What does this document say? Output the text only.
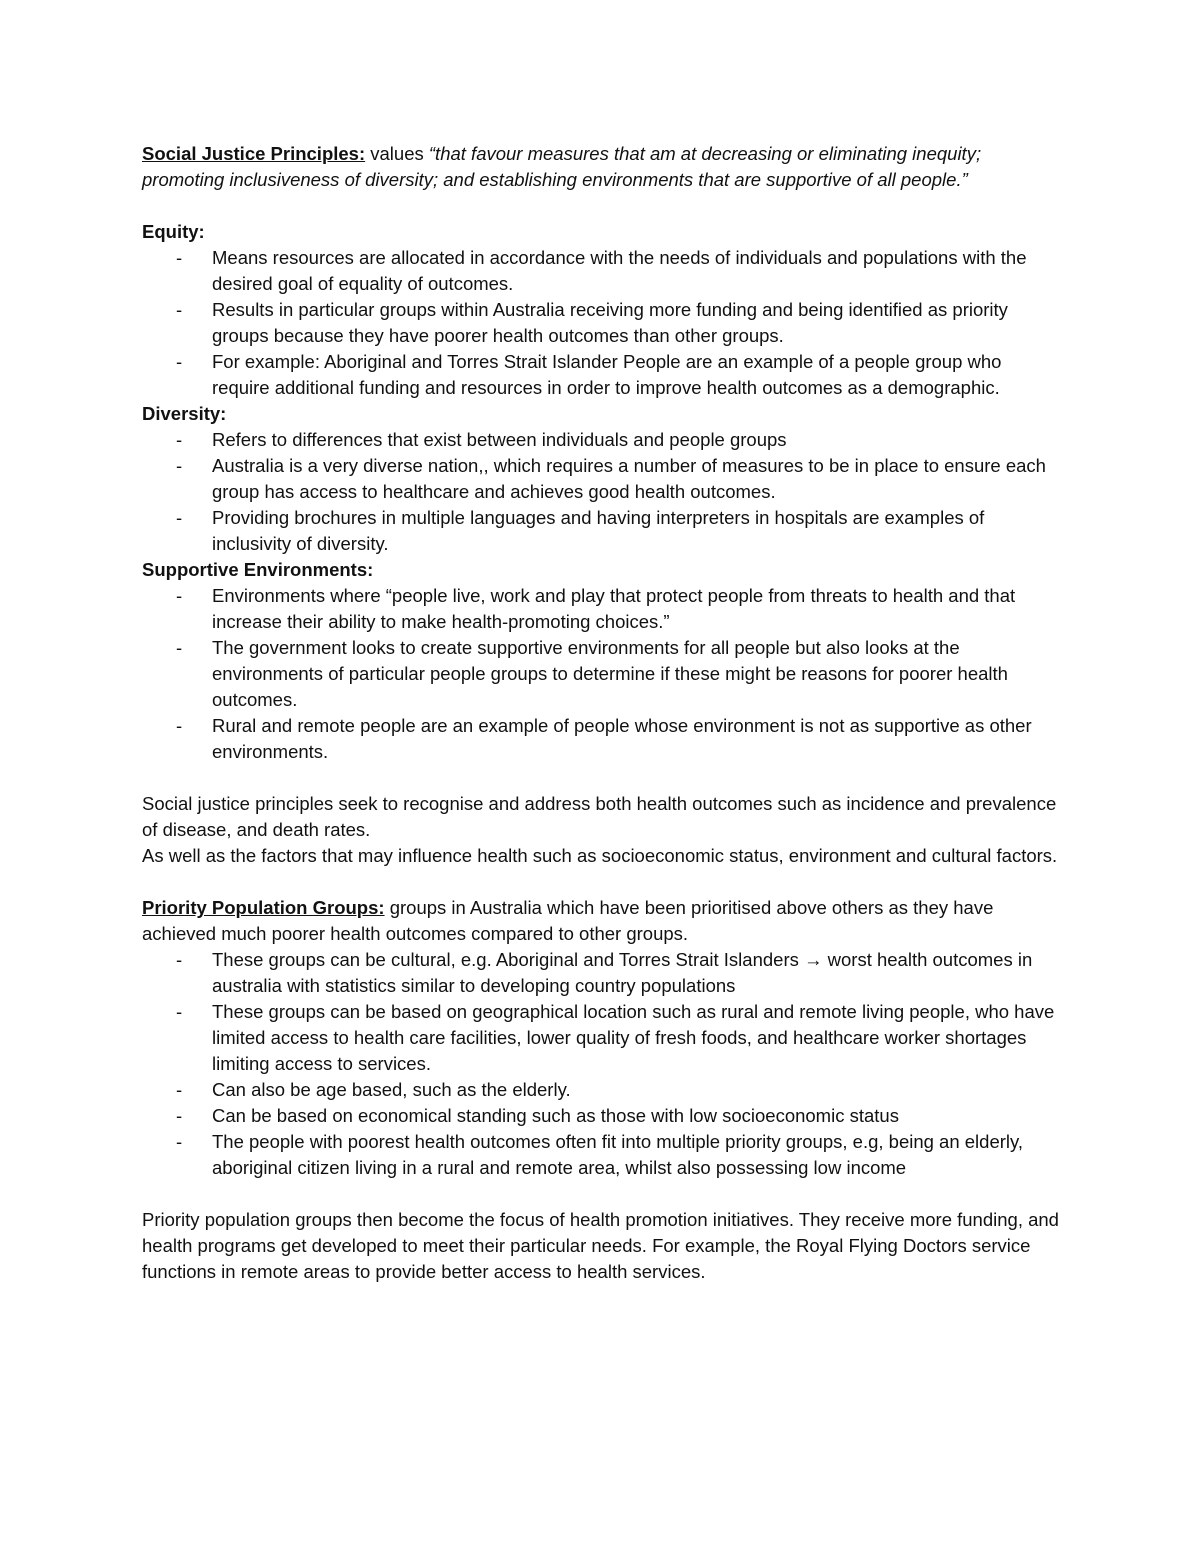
Social Justice Principles: values “that favour measures that am at decreasing or eliminating inequity; promoting inclusiveness of diversity; and establishing environments that are supportive of all people.”

Equity:

- Means resources are allocated in accordance with the needs of individuals and populations with the desired goal of equality of outcomes.
- Results in particular groups within Australia receiving more funding and being identified as priority groups because they have poorer health outcomes than other groups.
- For example: Aboriginal and Torres Strait Islander People are an example of a people group who require additional funding and resources in order to improve health outcomes as a demographic.

Diversity:

- Refers to differences that exist between individuals and people groups
- Australia is a very diverse nation,, which requires a number of measures to be in place to ensure each group has access to healthcare and achieves good health outcomes.
- Providing brochures in multiple languages and having interpreters in hospitals are examples of inclusivity of diversity.

Supportive Environments:

- Environments where “people live, work and play that protect people from threats to health and that increase their ability to make health-promoting choices.”
- The government looks to create supportive environments for all people but also looks at the environments of particular people groups to determine if these might be reasons for poorer health outcomes.
- Rural and remote people are an example of people whose environment is not as supportive as other environments.

Social justice principles seek to recognise and address both health outcomes such as incidence and prevalence of disease, and death rates.

As well as the factors that may influence health such as socioeconomic status, environment and cultural factors.

Priority Population Groups: groups in Australia which have been prioritised above others as they have achieved much poorer health outcomes compared to other groups.

- These groups can be cultural, e.g. Aboriginal and Torres Strait Islanders → worst health outcomes in australia with statistics similar to developing country populations
- These groups can be based on geographical location such as rural and remote living people, who have limited access to health care facilities, lower quality of fresh foods, and healthcare worker shortages limiting access to services.
- Can also be age based, such as the elderly.
- Can be based on economical standing such as those with low socioeconomic status
- The people with poorest health outcomes often fit into multiple priority groups, e.g, being an elderly, aboriginal citizen living in a rural and remote area, whilst also possessing low income

Priority population groups then become the focus of health promotion initiatives. They receive more funding, and health programs get developed to meet their particular needs. For example, the Royal Flying Doctors service functions in remote areas to provide better access to health services.
